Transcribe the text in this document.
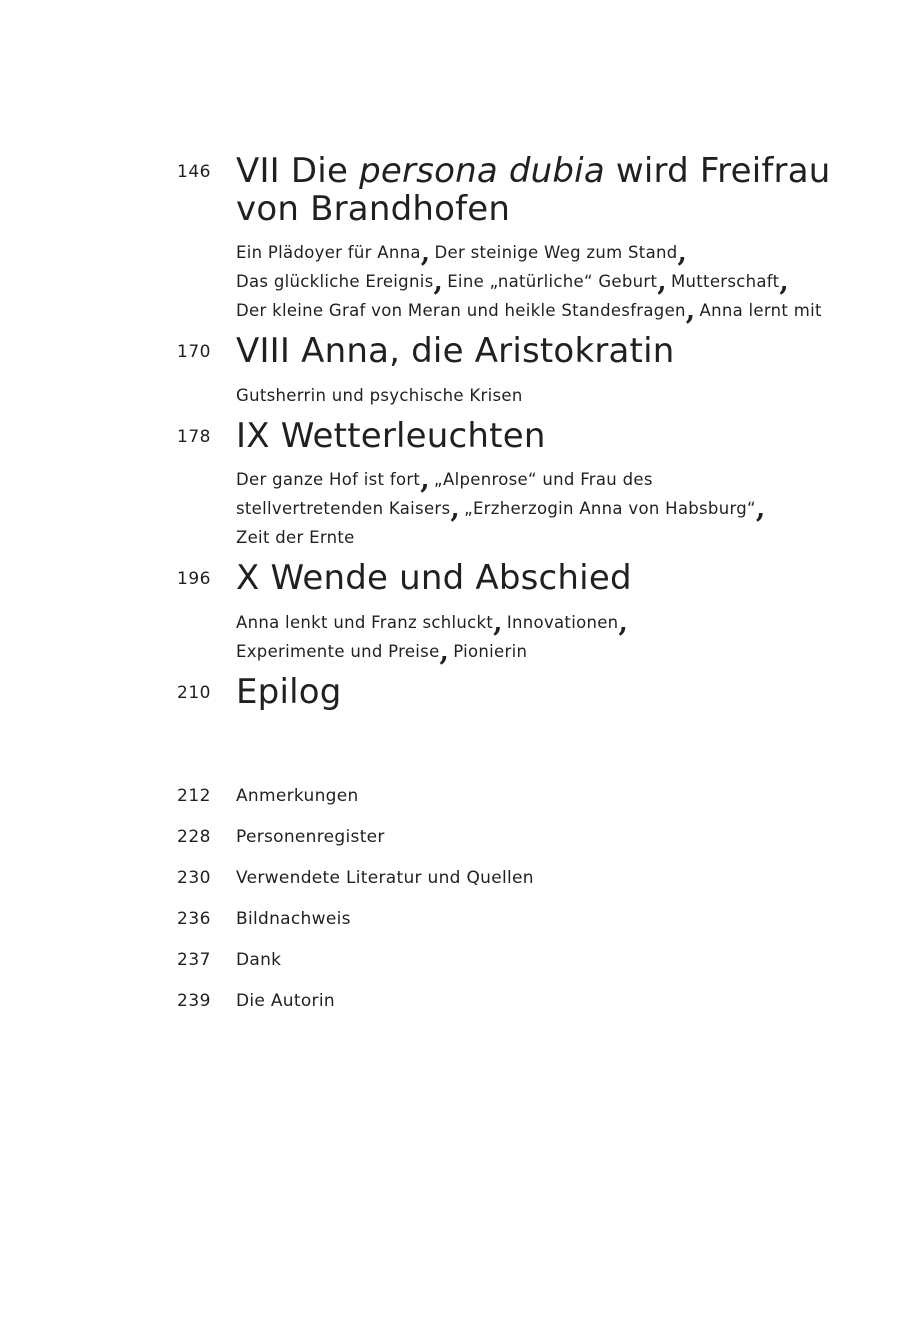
146 VII Die persona dubia wird Freifrau
von Brandhofen
Ein Plädoyer für Anna, Der steinige Weg zum Stand,
Das glückliche Ereignis, Eine „natürliche“ Geburt, Mutterschaft,
Der kleine Graf von Meran und heikle Standesfragen, Anna lernt mit
170 VIII Anna, die Aristokratin
Gutsherrin und psychische Krisen
178 IX Wetterleuchten
Der ganze Hof ist fort, „Alpenrose“ und Frau des
stellvertretenden Kaisers, „Erzherzogin Anna von Habsburg“,
Zeit der Ernte
196 X Wende und Abschied
Anna lenkt und Franz schluckt, Innovationen,
Experimente und Preise, Pionierin
210 Epilog
212 Anmerkungen
228 Personenregister
230 Verwendete Literatur und Quellen
236 Bildnachweis
237 Dank
239 Die Autorin
